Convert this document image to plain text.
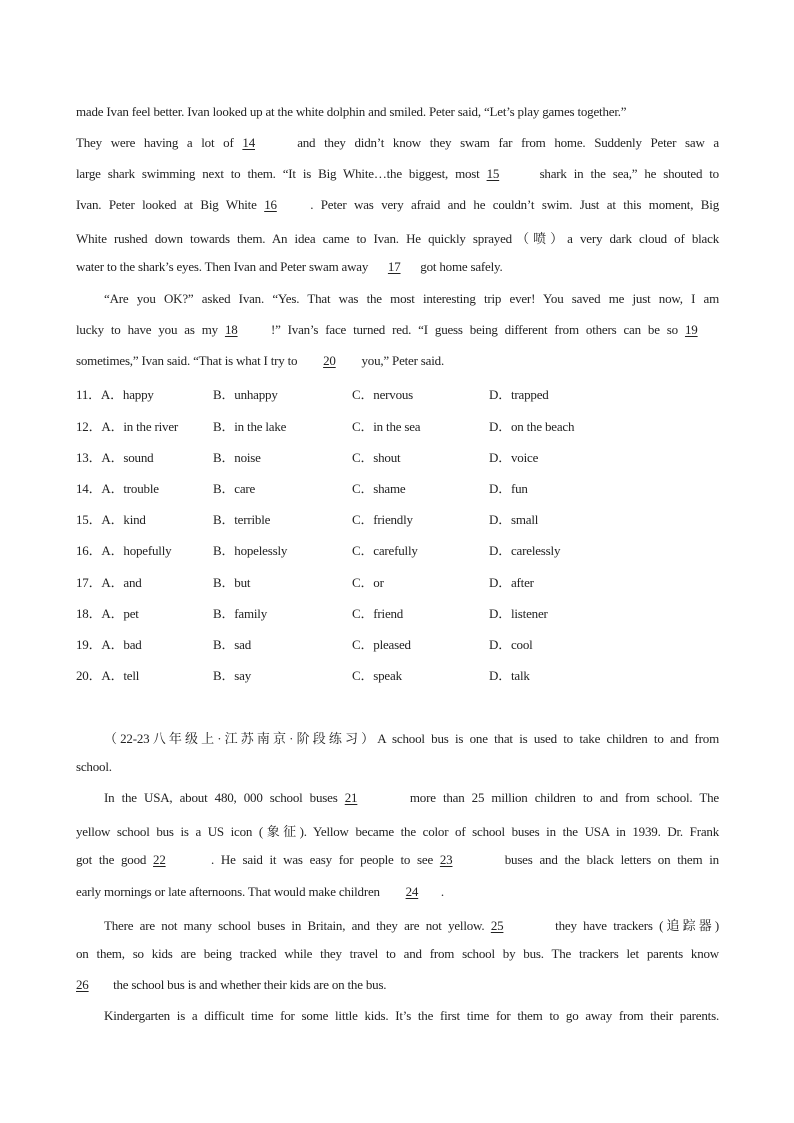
made Ivan feel better. Ivan looked up at the white dolphin and smiled. Peter said, “Let’s play games together.”
They were having a lot of 14	and they didn’t know they swam far from home. Suddenly Peter saw a
large shark swimming next to them. “It is Big White…the biggest, most 15	shark in the sea,” he shouted to
Ivan. Peter looked at Big White 16	. Peter was very afraid and he couldn’t swim. Just at this moment, Big
White rushed down towards them. An idea came to Ivan. He quickly sprayed（喷）a very dark cloud of black
water to the shark’s eyes. Then Ivan and Peter swam away 17 got home safely.
“Are you OK?” asked Ivan. “Yes. That was the most interesting trip ever! You saved me just now, I am
lucky to have you as my 18	!” Ivan’s face turned red. “I guess being different from others can be so 19
sometimes,” Ivan said. “That is what I try to 20 you,” Peter said.
11．A．happy	B．unhappy	C．nervous	D．trapped
12．A．in the river	B．in the lake	C．in the sea	D．on the beach
13．A．sound	B．noise	C．shout	D．voice
14．A．trouble	B．care	C．shame	D．fun
15．A．kind	B．terrible	C．friendly	D．small
16．A．hopefully	B．hopelessly	C．carefully	D．carelessly
17．A．and	B．but	C．or	D．after
18．A．pet	B．family	C．friend	D．listener
19．A．bad	B．sad	C．pleased	D．cool
20．A．tell	B．say	C．speak	D．talk
（22-23八年级上·江苏南京·阶段练习）A school bus is one that is used to take children to and from
school.
In the USA, about 480, 000 school buses 21	more than 25 million children to and from school. The
yellow school bus is a US icon (象征). Yellow became the color of school buses in the USA in 1939. Dr. Frank
got the good 22	. He said it was easy for people to see 23	buses and the black letters on them in
early mornings or late afternoons. That would make children 24 .
There are not many school buses in Britain, and they are not yellow. 25	they have trackers (追踪器)
on them, so kids are being tracked while they travel to and from school by bus. The trackers let parents know
26 the school bus is and whether their kids are on the bus.
Kindergarten is a difficult time for some little kids. It’s the first time for them to go away from their parents.
